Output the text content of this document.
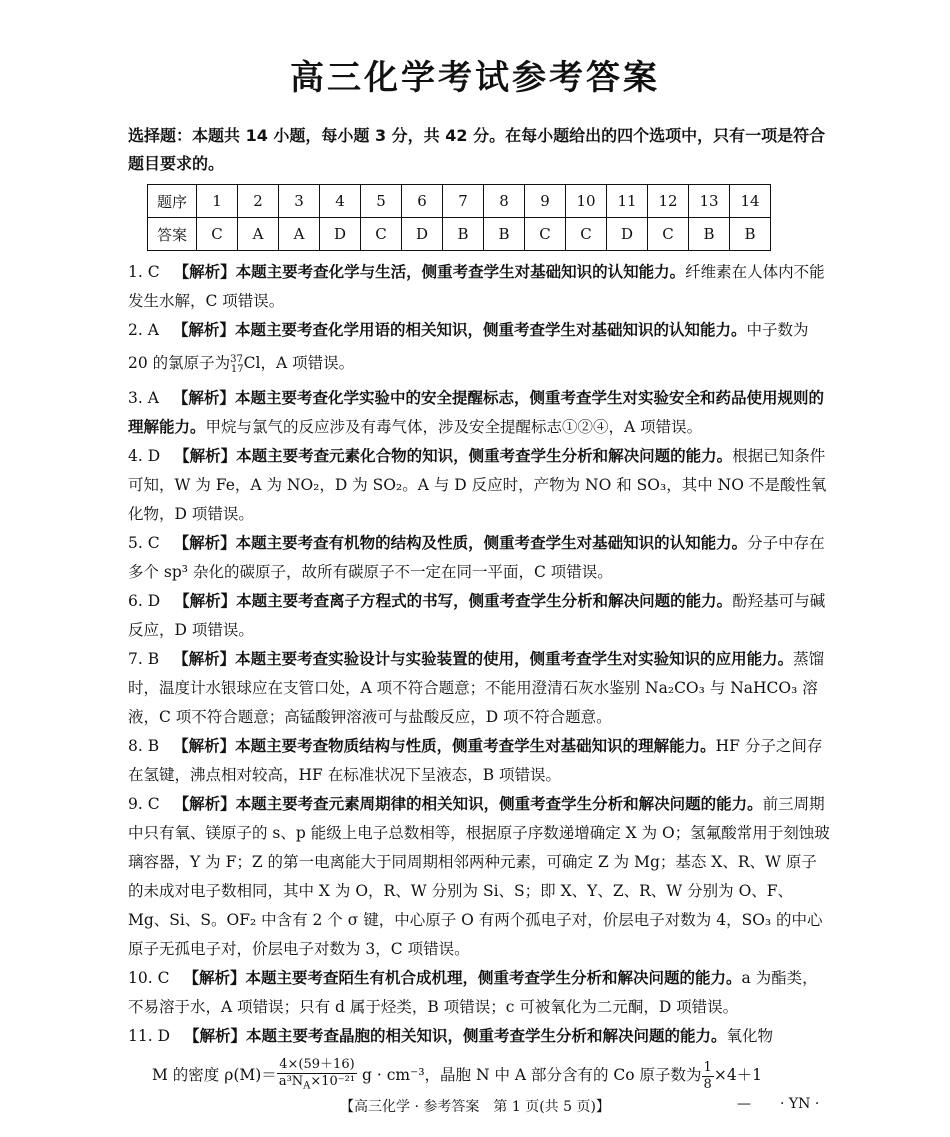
高三化学考试参考答案
选择题：本题共 14 小题，每小题 3 分，共 42 分。在每小题给出的四个选项中，只有一项是符合题目要求的。
题序	1	2	3	4	5	6	7	8	9	10	11	12	13	14
答案	C	A	A	D	C	D	B	B	C	C	D	C	B	B

1. C 【解析】本题主要考查化学与生活，侧重考查学生对基础知识的认知能力。纤维素在人体内不能发生水解，C 项错误。

2. A 【解析】本题主要考查化学用语的相关知识，侧重考查学生对基础知识的认知能力。中子数为 20 的氯原子为$^{37}_{17}$Cl，A 项错误。

3. A 【解析】本题主要考查化学实验中的安全提醒标志，侧重考查学生对实验安全和药品使用规则的理解能力。甲烷与氯气的反应涉及有毒气体，涉及安全提醒标志①②④，A 项错误。

4. D 【解析】本题主要考查元素化合物的知识，侧重考查学生分析和解决问题的能力。根据已知条件可知，W 为 Fe，A 为 NO₂，D 为 SO₂。A 与 D 反应时，产物为 NO 和 SO₃，其中 NO 不是酸性氧化物，D 项错误。

5. C 【解析】本题主要考查有机物的结构及性质，侧重考查学生对基础知识的认知能力。分子中存在多个 sp³ 杂化的碳原子，故所有碳原子不一定在同一平面，C 项错误。

6. D 【解析】本题主要考查离子方程式的书写，侧重考查学生分析和解决问题的能力。酚羟基可与碱反应，D 项错误。

7. B 【解析】本题主要考查实验设计与实验装置的使用，侧重考查学生对实验知识的应用能力。蒸馏时，温度计水银球应在支管口处，A 项不符合题意；不能用澄清石灰水鉴别 Na₂CO₃ 与 NaHCO₃ 溶液，C 项不符合题意；高锰酸钾溶液可与盐酸反应，D 项不符合题意。

8. B 【解析】本题主要考查物质结构与性质，侧重考查学生对基础知识的理解能力。HF 分子之间存在氢键，沸点相对较高，HF 在标准状况下呈液态，B 项错误。

9. C 【解析】本题主要考查元素周期律的相关知识，侧重考查学生分析和解决问题的能力。前三周期中只有氧、镁原子的 s、p 能级上电子总数相等，根据原子序数递增确定 X 为 O；氢氟酸常用于刻蚀玻璃容器，Y 为 F；Z 的第一电离能大于同周期相邻两种元素，可确定 Z 为 Mg；基态 X、R、W 原子的未成对电子数相同，其中 X 为 O，R、W 分别为 Si、S；即 X、Y、Z、R、W 分别为 O、F、Mg、Si、S。OF₂ 中含有 2 个 σ 键，中心原子 O 有两个孤电子对，价层电子对数为 4，SO₃ 的中心原子无孤电子对，价层电子对数为 3，C 项错误。

10. C 【解析】本题主要考查陌生有机合成机理，侧重考查学生分析和解决问题的能力。a 为酯类，不易溶于水，A 项错误；只有 d 属于烃类，B 项错误；c 可被氧化为二元酮，D 项错误。

11. D 【解析】本题主要考查晶胞的相关知识，侧重考查学生分析和解决问题的能力。氧化物

M 的密度 $\rho(M)= \frac{4\times(59+16)}{a^3N_A\times 10^{-21}}$ g · cm⁻³，晶胞 N 中 A 部分含有的 Co 原子数为 $\frac{1}{8} \times 4+1$

【高三化学 · 参考答案　第 1 页(共 5 页)】	— · YN ·
